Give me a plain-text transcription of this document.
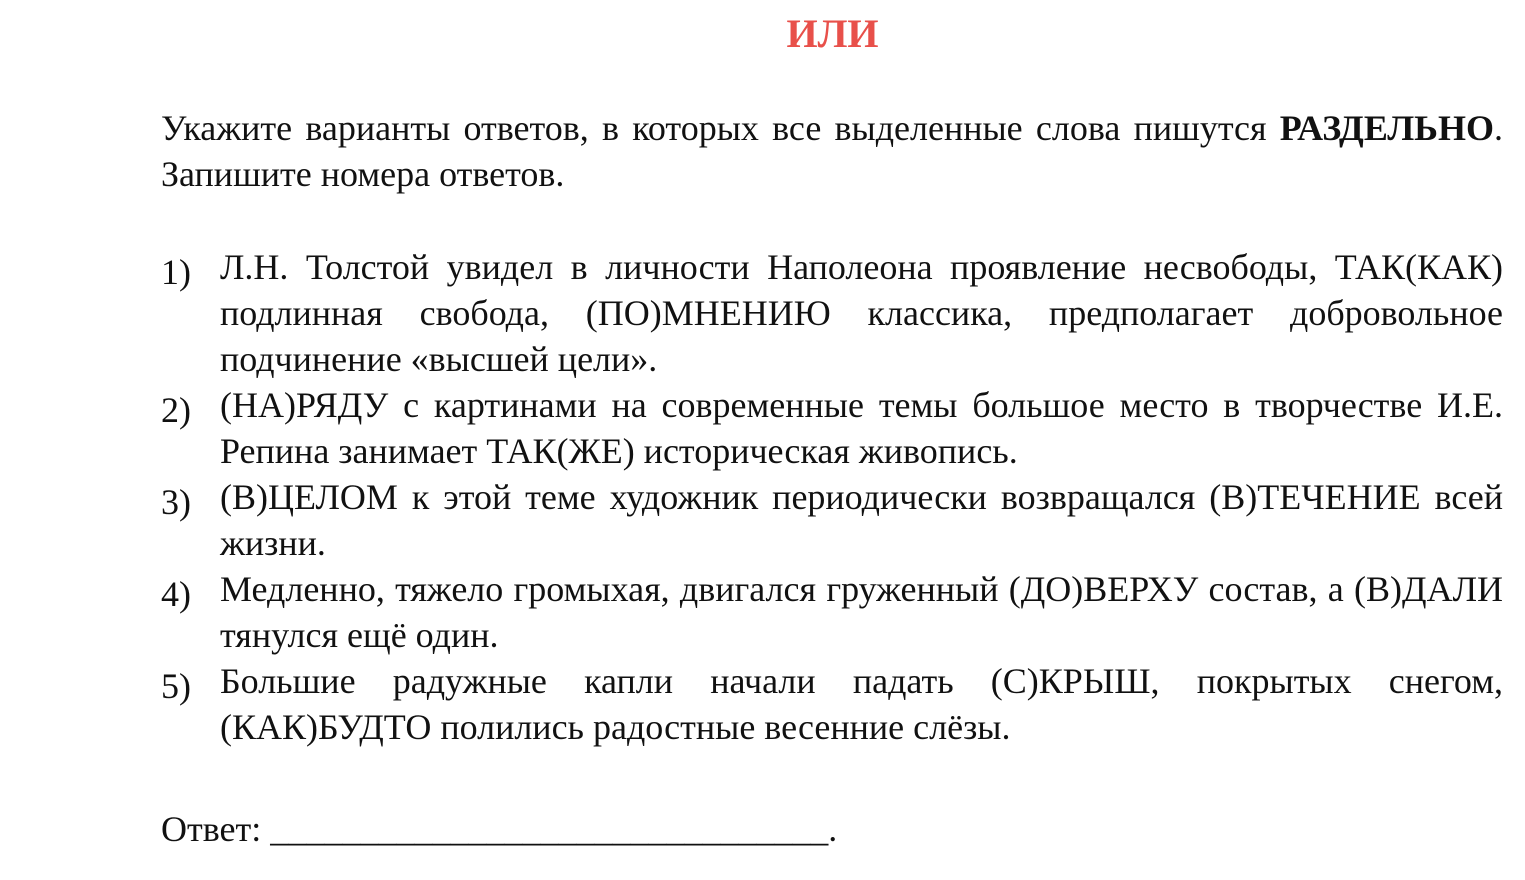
ИЛИ
Укажите варианты ответов, в которых все выделенные слова пишутся РАЗДЕЛЬНО. Запишите номера ответов.
1) Л.Н. Толстой увидел в личности Наполеона проявление несвободы, ТАК(КАК) подлинная свобода, (ПО)МНЕНИЮ классика, предполагает добровольное подчинение «высшей цели».
2) (НА)РЯДУ с картинами на современные темы большое место в творчестве И.Е. Репина занимает ТАК(ЖЕ) историческая живопись.
3) (В)ЦЕЛОМ к этой теме художник периодически возвращался (В)ТЕЧЕНИЕ всей жизни.
4) Медленно, тяжело громыхая, двигался груженный (ДО)ВЕРХУ состав, а (В)ДАЛИ тянулся ещё один.
5) Большие радужные капли начали падать (С)КРЫШ, покрытых снегом, (КАК)БУДТО полились радостные весенние слёзы.
Ответ: _______________________________.
